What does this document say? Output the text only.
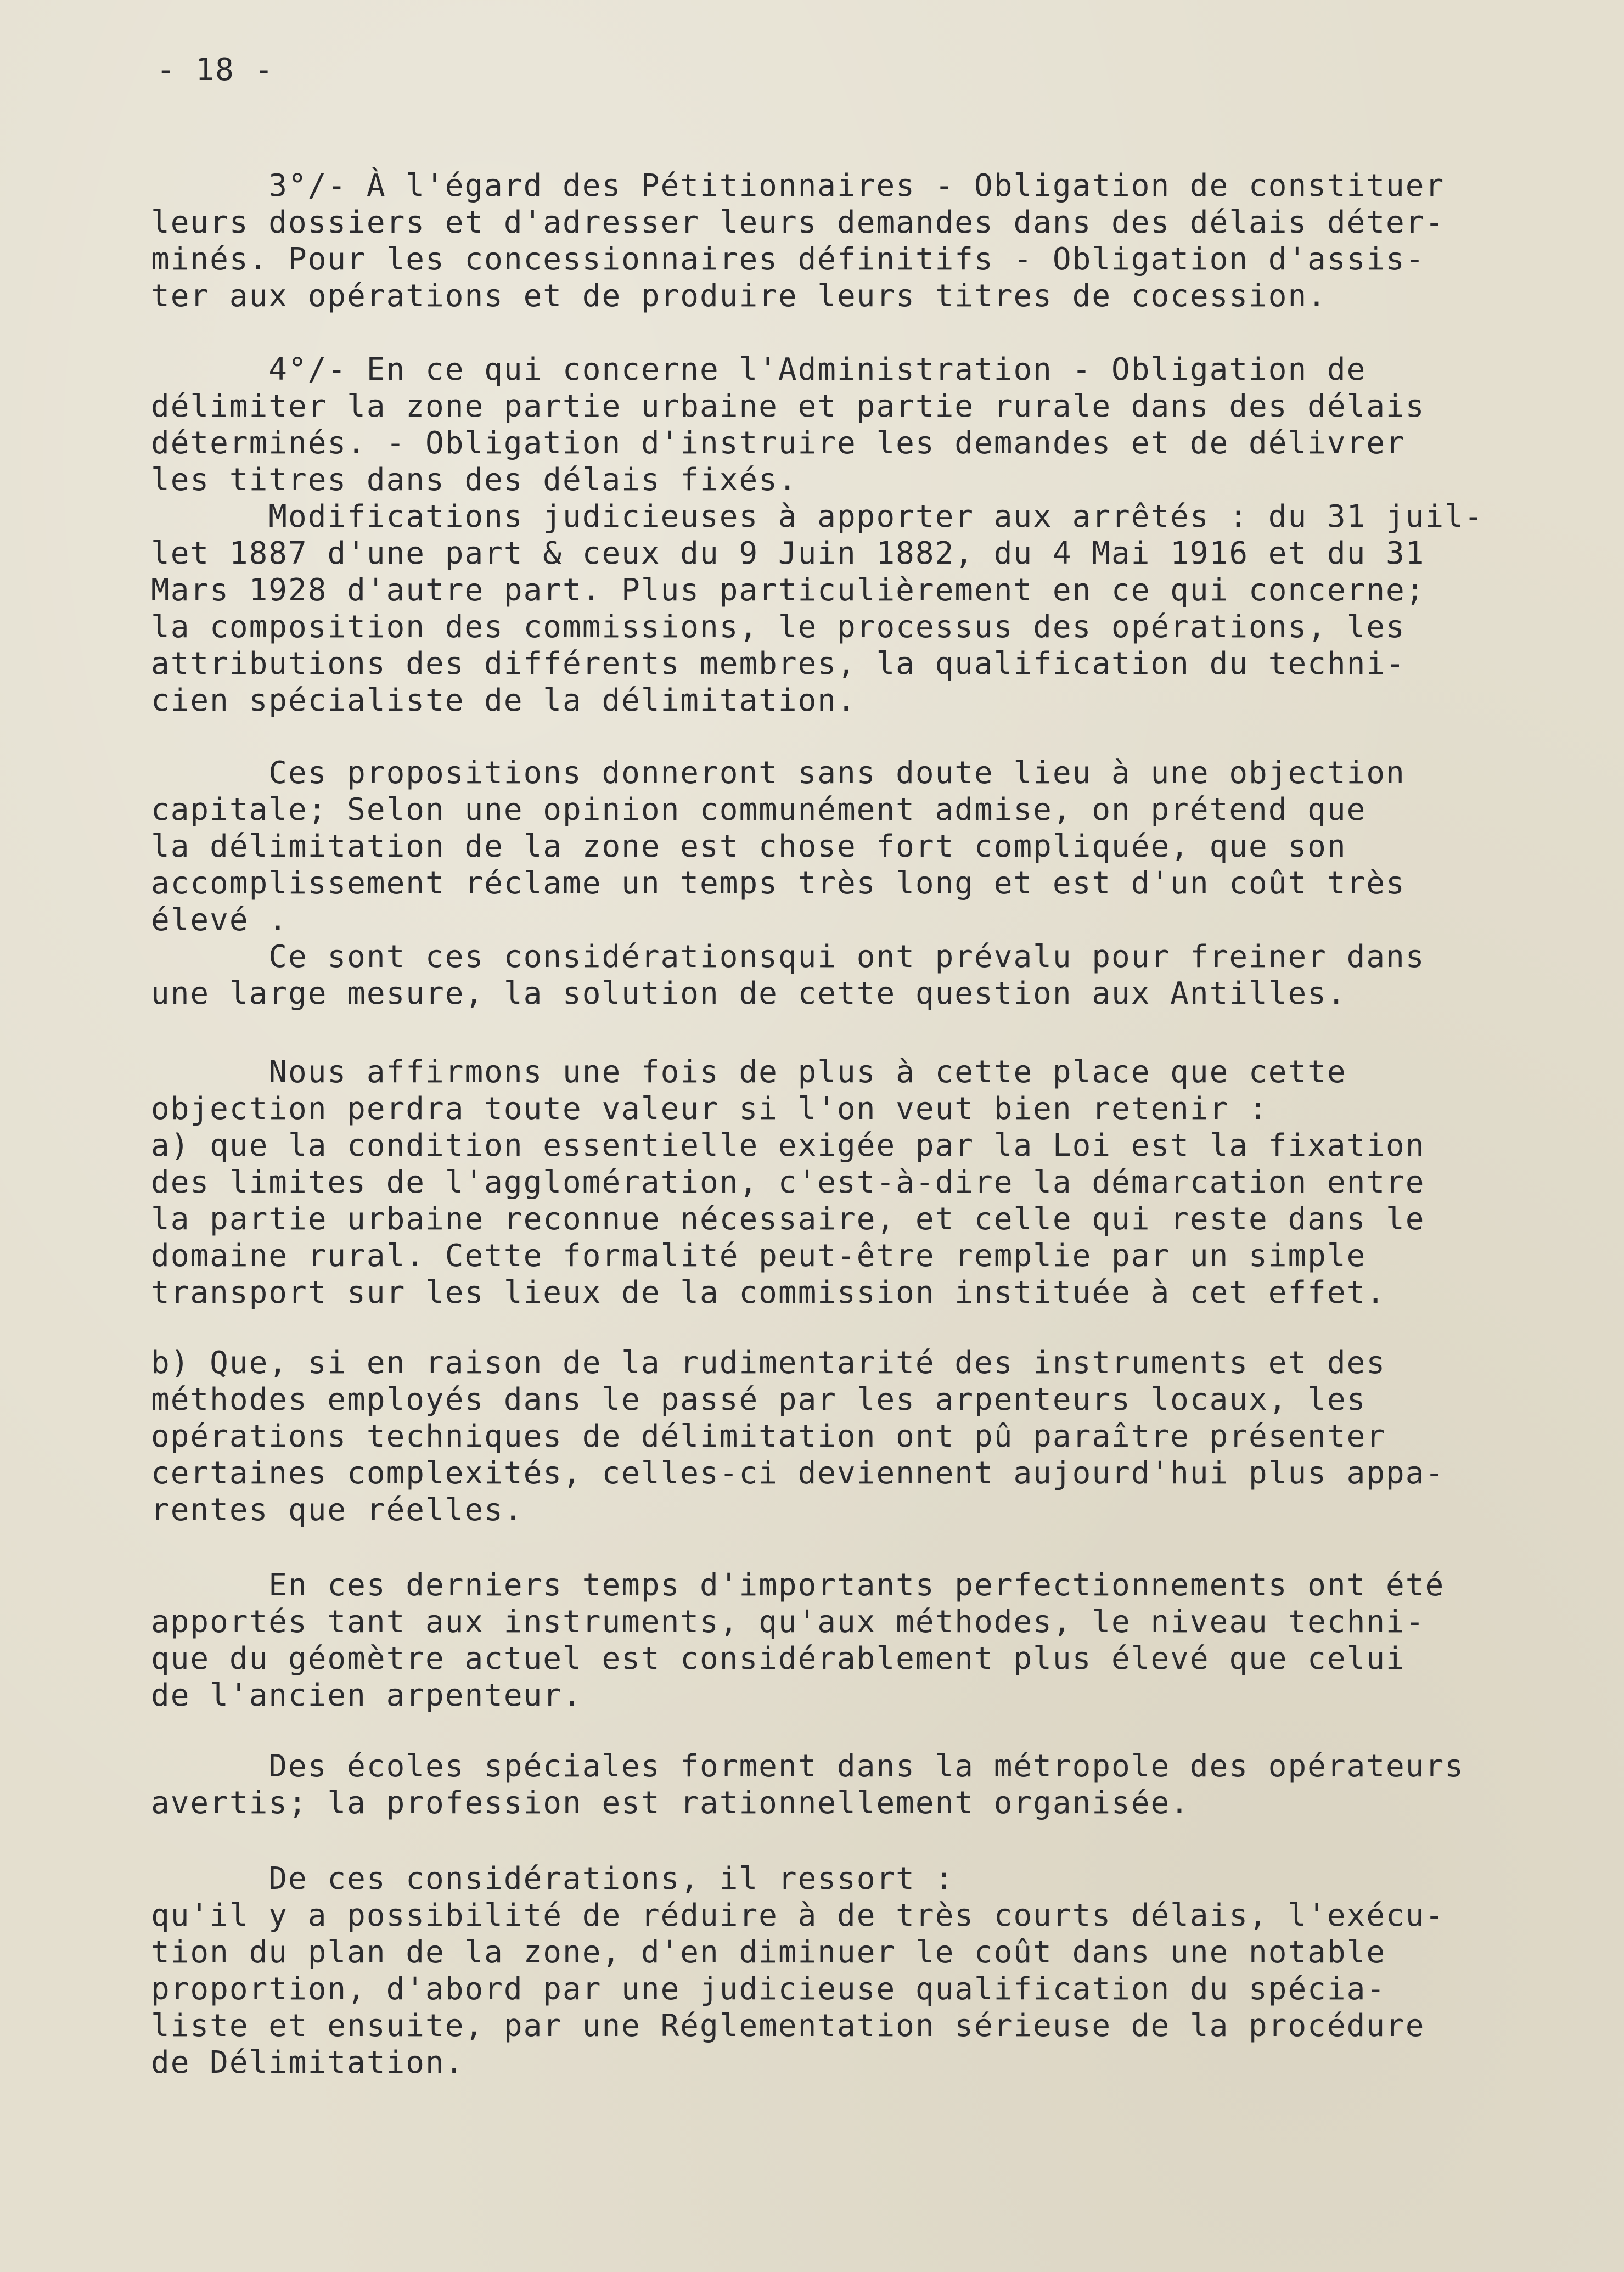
- 18 -

3°/- À l'égard des Pétitionnaires - Obligation de constituer

leurs dossiers et d'adresser leurs demandes dans des délais déter-

minés. Pour les concessionnaires définitifs - Obligation d'assis-

ter aux opérations et de produire leurs titres de cocession.

4°/- En ce qui concerne l'Administration - Obligation de

délimiter la zone partie urbaine et partie rurale dans des délais

déterminés. - Obligation d'instruire les demandes et de délivrer

les titres dans des délais fixés.

Modifications judicieuses à apporter aux arrêtés : du 31 juil-

let 1887 d'une part & ceux du 9 Juin 1882, du 4 Mai 1916 et du 31

Mars 1928 d'autre part. Plus particulièrement en ce qui concerne;

la composition des commissions, le processus des opérations, les

attributions des différents membres, la qualification du techni-

cien spécialiste de la délimitation.

Ces propositions donneront sans doute lieu à une objection

capitale; Selon une opinion communément admise, on prétend que

la délimitation de la zone est chose fort compliquée, que son

accomplissement réclame un temps très long et est d'un coût très

élevé .

Ce sont ces considérationsqui ont prévalu pour freiner dans

une large mesure, la solution de cette question aux Antilles.

Nous affirmons une fois de plus à cette place que cette

objection perdra toute valeur si l'on veut bien retenir :

a) que la condition essentielle exigée par la Loi est la fixation

des limites de l'agglomération, c'est-à-dire la démarcation entre

la partie urbaine reconnue nécessaire, et celle qui reste dans le

domaine rural. Cette formalité peut-être remplie par un simple

transport sur les lieux de la commission instituée à cet effet.

b) Que, si en raison de la rudimentarité des instruments et des

méthodes employés dans le passé par les arpenteurs locaux, les

opérations techniques de délimitation ont pû paraître présenter

certaines complexités, celles-ci deviennent aujourd'hui plus appa-

rentes que réelles.

En ces derniers temps d'importants perfectionnements ont été

apportés tant aux instruments, qu'aux méthodes, le niveau techni-

que du géomètre actuel est considérablement plus élevé que celui

de l'ancien arpenteur.

Des écoles spéciales forment dans la métropole des opérateurs

avertis; la profession est rationnellement organisée.

De ces considérations, il ressort :

qu'il y a possibilité de réduire à de très courts délais, l'exécu-

tion du plan de la zone, d'en diminuer le coût dans une notable

proportion, d'abord par une judicieuse qualification du spécia-

liste et ensuite, par une Réglementation sérieuse de la procédure

de Délimitation.
